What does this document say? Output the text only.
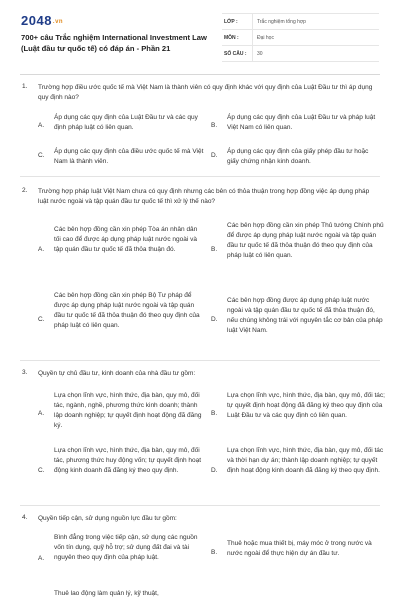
2048.vn
700+ câu Trắc nghiệm International Investment Law (Luật đầu tư quốc tế) có đáp án - Phần 21
LỚP :	Trắc nghiệm tổng hợp
MÔN :	Đại học
SỐ CÂU :	30
1. Trường hợp điều ước quốc tế mà Việt Nam là thành viên có quy định khác với quy định của Luật Đầu tư thì áp dụng quy định nào?
A.
Áp dụng các quy định của Luật Đầu tư và các quy định pháp luật có liên quan.	B.
Áp dụng các quy định của Luật Đầu tư và pháp luật Việt Nam có liên quan.
C.
Áp dụng các quy định của điều ước quốc tế mà Việt Nam là thành viên.
D.
Áp dụng các quy định của giấy phép đầu tư hoặc giấy chứng nhận kinh doanh.
2. Trường hợp pháp luật Việt Nam chưa có quy định nhưng các bên có thỏa thuận trong hợp đồng việc áp dụng pháp luật nước ngoài và tập quán đầu tư quốc tế thì xử lý thế nào?
A.
Các bên hợp đồng cần xin phép Tòa án nhân dân tối cao để được áp dụng pháp luật nước ngoài và tập quán đầu tư quốc tế đã thỏa thuận đó.	B.
Các bên hợp đồng cần xin phép Thủ tướng Chính phủ để được áp dụng pháp luật nước ngoài và tập quán đầu tư quốc tế đã thỏa thuận đó theo quy định của pháp luật có liên quan.
C.
Các bên hợp đồng cần xin phép Bộ Tư pháp để được áp dụng pháp luật nước ngoài và tập quán đầu tư quốc tế đã thỏa thuận đó theo quy định của pháp luật có liên quan.
D.
Các bên hợp đồng được áp dụng pháp luật nước ngoài và tập quán đầu tư quốc tế đã thỏa thuận đó, nếu chúng không trái với nguyên tắc cơ bản của pháp luật Việt Nam.
3. Quyền tự chủ đầu tư, kinh doanh của nhà đầu tư gồm:
A.
Lựa chọn lĩnh vực, hình thức, địa bàn, quy mô, đối tác, ngành, nghề, phương thức kinh doanh; thành lập doanh nghiệp; tự quyết định hoạt động đã đăng ký.
B.
Lựa chọn lĩnh vực, hình thức, địa bàn, quy mô, đối tác; tự quyết định hoạt động đã đăng ký theo quy định của Luật Đầu tư và các quy định có liên quan.
C.
Lựa chọn lĩnh vực, hình thức, địa bàn, quy mô, đối tác, phương thức huy động vốn; tự quyết định hoạt động kinh doanh đã đăng ký theo quy định.	D.
Lựa chọn lĩnh vực, hình thức, địa bàn, quy mô, đối tác và thời hạn dự án; thành lập doanh nghiệp; tự quyết định hoạt động kinh doanh đã đăng ký theo quy định.
4. Quyền tiếp cận, sử dụng nguồn lực đầu tư gồm:
A.
Bình đẳng trong việc tiếp cận, sử dụng các nguồn vốn tín dụng, quỹ hỗ trợ; sử dụng đất đai và tài nguyên theo quy định của pháp luật.
B.
Thuê hoặc mua thiết bị, máy móc ở trong nước và nước ngoài để thực hiện dự án đầu tư.
Thuê lao động làm quản lý, kỹ thuật,
